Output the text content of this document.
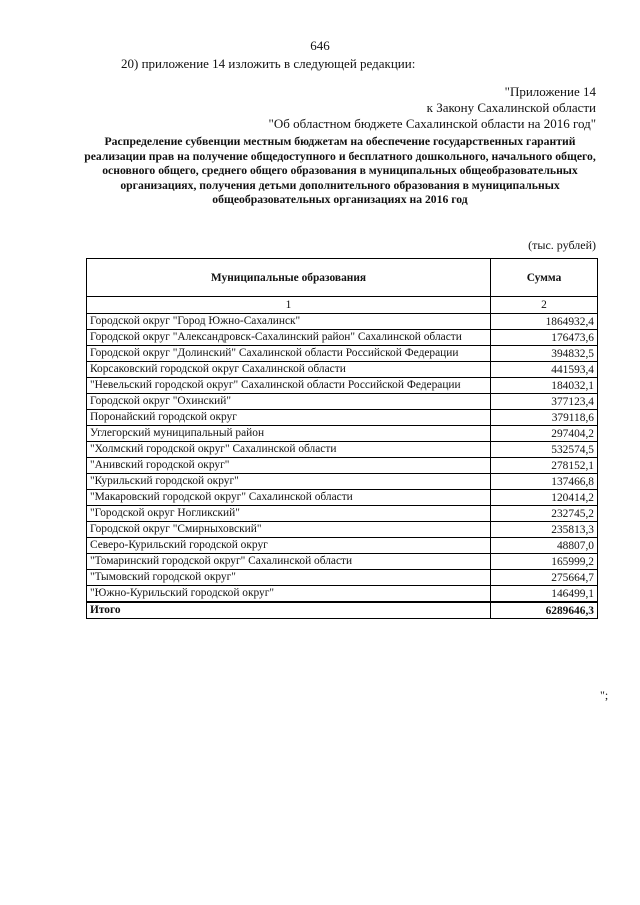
646
20) приложение 14 изложить в следующей редакции:
"Приложение 14
к Закону Сахалинской области
"Об областном бюджете Сахалинской области на 2016 год"
Распределение субвенции местным бюджетам на обеспечение государственных гарантий реализации прав на получение общедоступного и бесплатного дошкольного, начального общего, основного общего, среднего общего образования в муниципальных общеобразовательных организациях, получения детьми дополнительного образования в муниципальных общеобразовательных организациях на 2016 год
(тыс. рублей)
Муниципальные образования	Сумма
1	2
Городской округ "Город Южно-Сахалинск"	1864932,4
Городской округ "Александровск-Сахалинский район" Сахалинской области	176473,6
Городской округ "Долинский" Сахалинской области Российской Федерации	394832,5
Корсаковский городской округ Сахалинской области	441593,4
"Невельский городской округ" Сахалинской области Российской Федерации	184032,1
Городской округ "Охинский"	377123,4
Поронайский городской округ	379118,6
Углегорский муниципальный район	297404,2
"Холмский городской округ" Сахалинской области	532574,5
"Анивский городской округ"	278152,1
"Курильский городской округ"	137466,8
"Макаровский городской округ" Сахалинской области	120414,2
"Городской округ Ногликский"	232745,2
Городской округ "Смирныховский"	235813,3
Северо-Курильский городской округ	48807,0
"Томаринский городской округ" Сахалинской области	165999,2
"Тымовский городской округ"	275664,7
"Южно-Курильский городской округ"	146499,1
Итого	6289646,3
";
